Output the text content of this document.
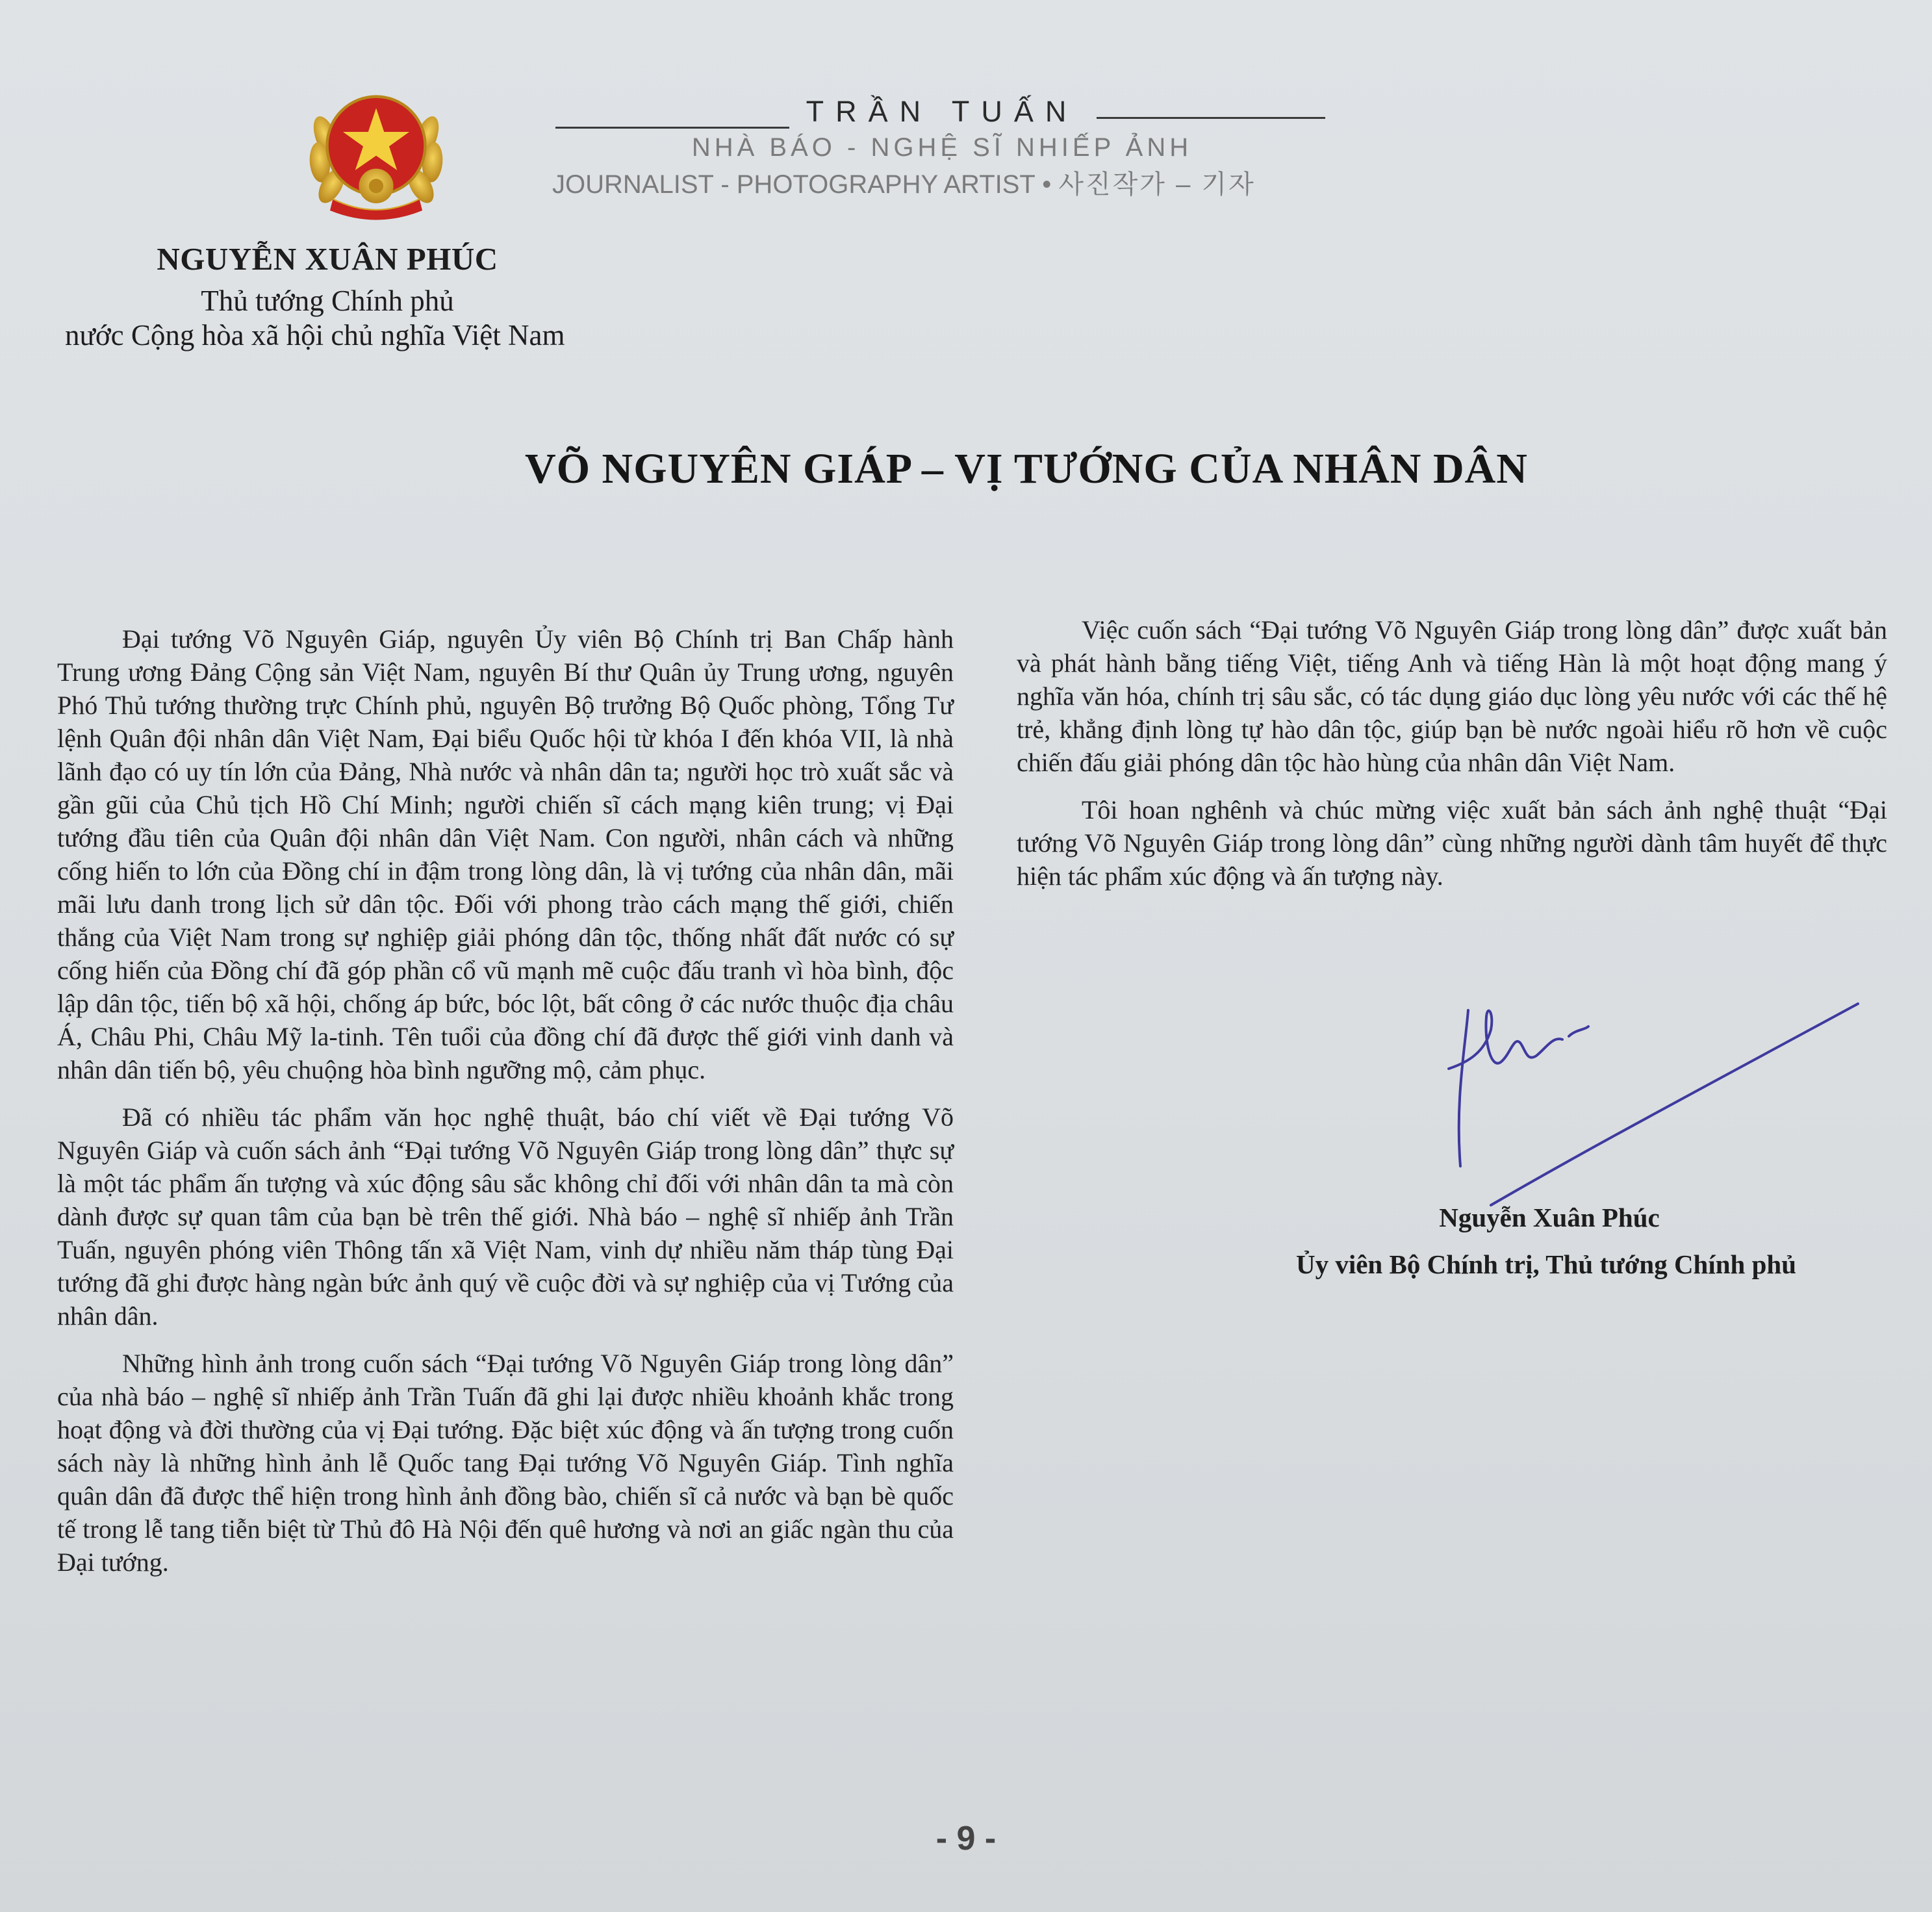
NGUYỄN XUÂN PHÚC
Thủ tướng Chính phủ
nước Cộng hòa xã hội chủ nghĩa Việt Nam
TRẦN TUẤN
NHÀ BÁO - NGHỆ SĨ NHIẾP ẢNH
JOURNALIST - PHOTOGRAPHY ARTIST • 사진작가 – 기자
VÕ NGUYÊN GIÁP – VỊ TƯỚNG CỦA NHÂN DÂN

Đại tướng Võ Nguyên Giáp, nguyên Ủy viên Bộ Chính trị Ban Chấp hành Trung ương Đảng Cộng sản Việt Nam, nguyên Bí thư Quân ủy Trung ương, nguyên Phó Thủ tướng thường trực Chính phủ, nguyên Bộ trưởng Bộ Quốc phòng, Tổng Tư lệnh Quân đội nhân dân Việt Nam, Đại biểu Quốc hội từ khóa I đến khóa VII, là nhà lãnh đạo có uy tín lớn của Đảng, Nhà nước và nhân dân ta; người học trò xuất sắc và gần gũi của Chủ tịch Hồ Chí Minh; người chiến sĩ cách mạng kiên trung; vị Đại tướng đầu tiên của Quân đội nhân dân Việt Nam. Con người, nhân cách và những cống hiến to lớn của Đồng chí in đậm trong lòng dân, là vị tướng của nhân dân, mãi mãi lưu danh trong lịch sử dân tộc. Đối với phong trào cách mạng thế giới, chiến thắng của Việt Nam trong sự nghiệp giải phóng dân tộc, thống nhất đất nước có sự cống hiến của Đồng chí đã góp phần cổ vũ mạnh mẽ cuộc đấu tranh vì hòa bình, độc lập dân tộc, tiến bộ xã hội, chống áp bức, bóc lột, bất công ở các nước thuộc địa châu Á, Châu Phi, Châu Mỹ la-tinh. Tên tuổi của đồng chí đã được thế giới vinh danh và nhân dân tiến bộ, yêu chuộng hòa bình ngưỡng mộ, cảm phục.

Đã có nhiều tác phẩm văn học nghệ thuật, báo chí viết về Đại tướng Võ Nguyên Giáp và cuốn sách ảnh “Đại tướng Võ Nguyên Giáp trong lòng dân” thực sự là một tác phẩm ấn tượng và xúc động sâu sắc không chỉ đối với nhân dân ta mà còn dành được sự quan tâm của bạn bè trên thế giới. Nhà báo – nghệ sĩ nhiếp ảnh Trần Tuấn, nguyên phóng viên Thông tấn xã Việt Nam, vinh dự nhiều năm tháp tùng Đại tướng đã ghi được hàng ngàn bức ảnh quý về cuộc đời và sự nghiệp của vị Tướng của nhân dân.

Những hình ảnh trong cuốn sách “Đại tướng Võ Nguyên Giáp trong lòng dân” của nhà báo – nghệ sĩ nhiếp ảnh Trần Tuấn đã ghi lại được nhiều khoảnh khắc trong hoạt động và đời thường của vị Đại tướng. Đặc biệt xúc động và ấn tượng trong cuốn sách này là những hình ảnh lễ Quốc tang Đại tướng Võ Nguyên Giáp. Tình nghĩa quân dân đã được thể hiện trong hình ảnh đồng bào, chiến sĩ cả nước và bạn bè quốc tế trong lễ tang tiễn biệt từ Thủ đô Hà Nội đến quê hương và nơi an giấc ngàn thu của Đại tướng.

Việc cuốn sách “Đại tướng Võ Nguyên Giáp trong lòng dân” được xuất bản và phát hành bằng tiếng Việt, tiếng Anh và tiếng Hàn là một hoạt động mang ý nghĩa văn hóa, chính trị sâu sắc, có tác dụng giáo dục lòng yêu nước với các thế hệ trẻ, khẳng định lòng tự hào dân tộc, giúp bạn bè nước ngoài hiểu rõ hơn về cuộc chiến đấu giải phóng dân tộc hào hùng của nhân dân Việt Nam.

Tôi hoan nghênh và chúc mừng việc xuất bản sách ảnh nghệ thuật “Đại tướng Võ Nguyên Giáp trong lòng dân” cùng những người dành tâm huyết để thực hiện tác phẩm xúc động và ấn tượng này.

Nguyễn Xuân Phúc
Ủy viên Bộ Chính trị, Thủ tướng Chính phủ
- 9 -
